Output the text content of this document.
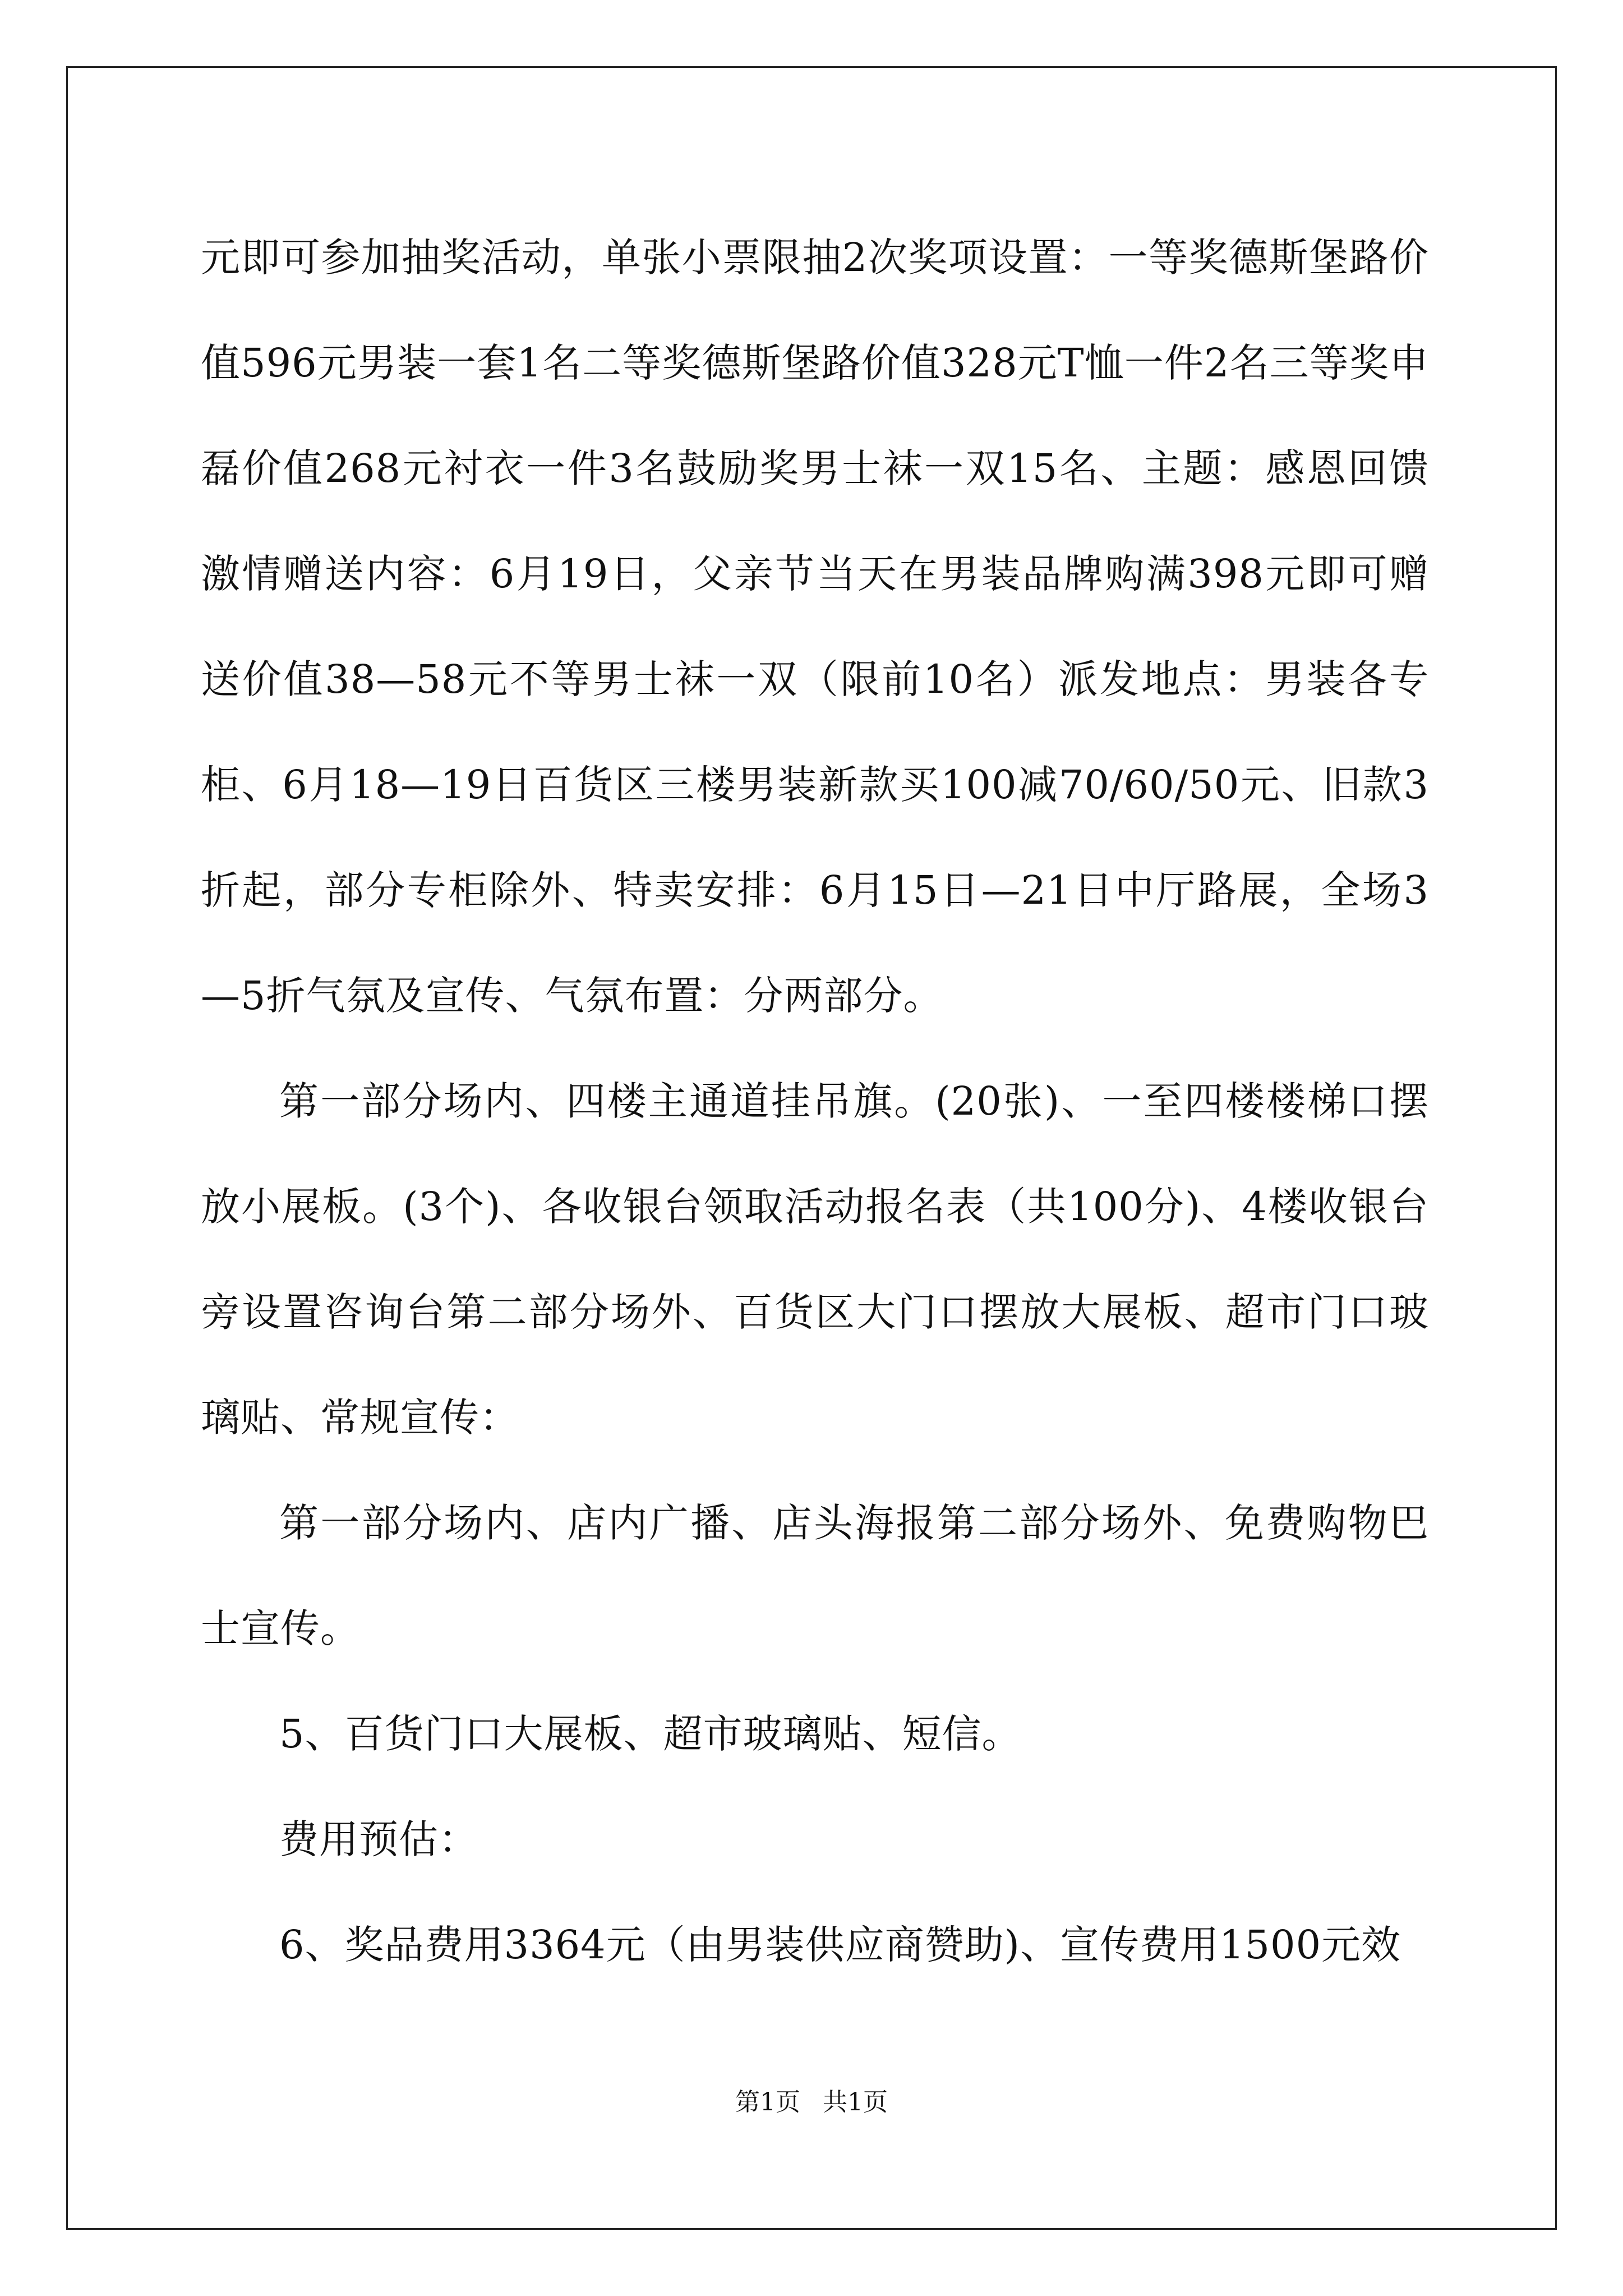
元即可参加抽奖活动，单张小票限抽2次奖项设置：一等奖德斯堡路价值596元男装一套1名二等奖德斯堡路价值328元T恤一件2名三等奖申磊价值268元衬衣一件3名鼓励奖男士袜一双15名、主题：感恩回馈激情赠送内容：6月19日，父亲节当天在男装品牌购满398元即可赠送价值38—58元不等男士袜一双（限前10名）派发地点：男装各专柜、6月18—19日百货区三楼男装新款买100减70/60/50元、旧款3折起，部分专柜除外、特卖安排：6月15日—21日中厅路展，全场3—5折气氛及宣传、气氛布置：分两部分。

第一部分场内、四楼主通道挂吊旗。(20张)、一至四楼楼梯口摆放小展板。(3个)、各收银台领取活动报名表（共100分)、4楼收银台旁设置咨询台第二部分场外、百货区大门口摆放大展板、超市门口玻璃贴、常规宣传：

第一部分场内、店内广播、店头海报第二部分场外、免费购物巴士宣传。

5、百货门口大展板、超市玻璃贴、短信。

费用预估：

6、奖品费用3364元（由男装供应商赞助)、宣传费用1500元效

第1页 共1页
